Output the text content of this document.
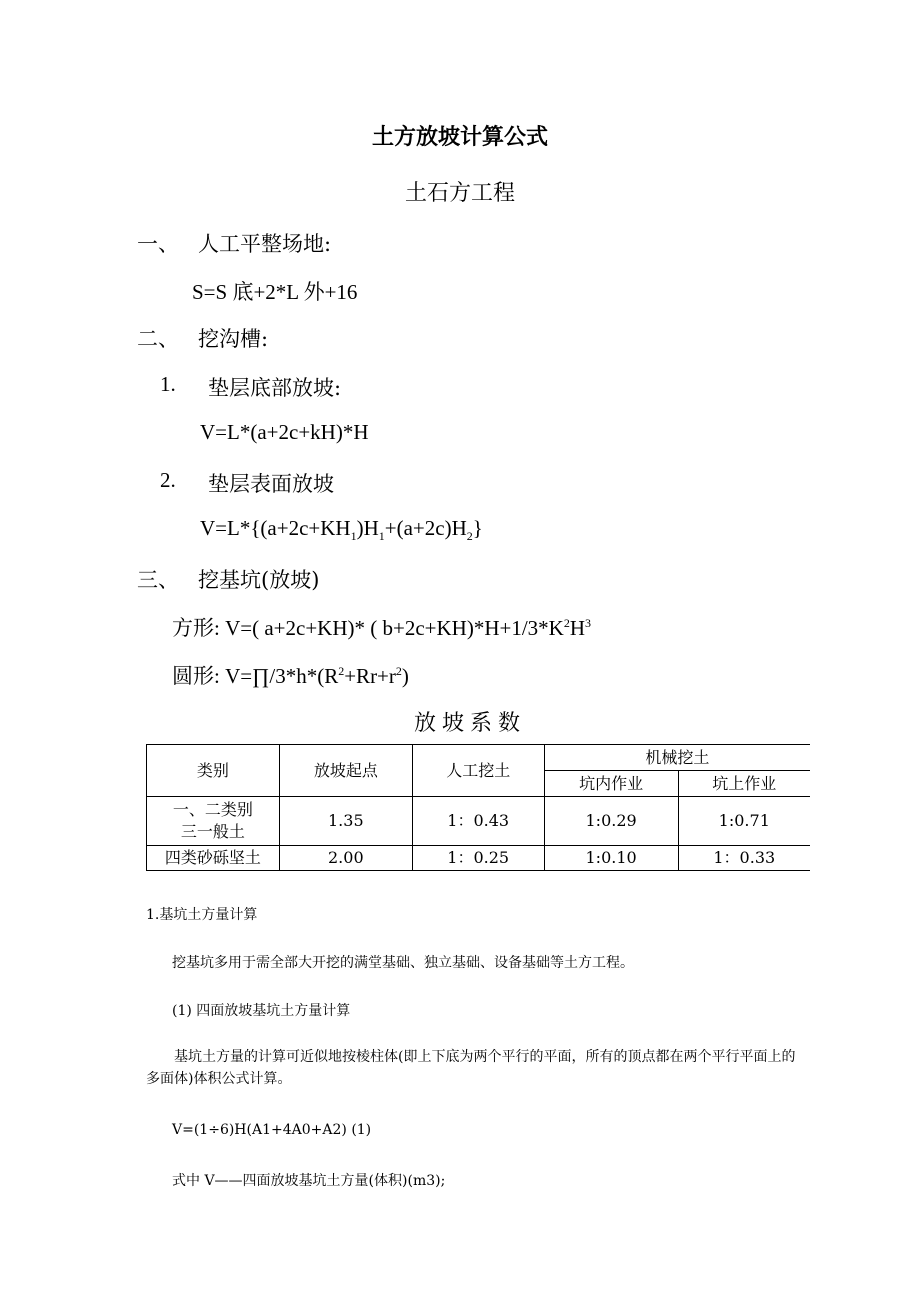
土方放坡计算公式
土石方工程
一、 人工平整场地:
S=S 底+2*L 外+16
二、 挖沟槽:
1. 垫层底部放坡:
V=L*(a+2c+kH)*H
2. 垫层表面放坡
$V=L*\{(a+2c+KH_1)H_1+(a+2c)H_2\}$
三、 挖基坑(放坡)
方形: V=( a+2c+KH)* ( $b+2c+KH)*H+1/3*K^2H^3$
圆形: $V=\prod/3*h*(R^2+Rr+r^2)$
放坡系数
类别	放坡起点	人工挖土	机械挖土	
			坑内作业	坑上作业

一、二类别
三一般土	1.35	1：0.43	1:0.29	1:0.71
四类砂砾坚土	2.00	1：0.25	1:0.10	1：0.33
1.基坑土方量计算
挖基坑多用于需全部大开挖的满堂基础、独立基础、设备基础等土方工程。
(1) 四面放坡基坑土方量计算
基坑土方量的计算可近似地按棱柱体(即上下底为两个平行的平面，所有的顶点都在两个平行平面上的多面体)体积公式计算。
V=(1÷6)H(A1+4A0+A2) (1)
式中 V——四面放坡基坑土方量(体积)(m3);
